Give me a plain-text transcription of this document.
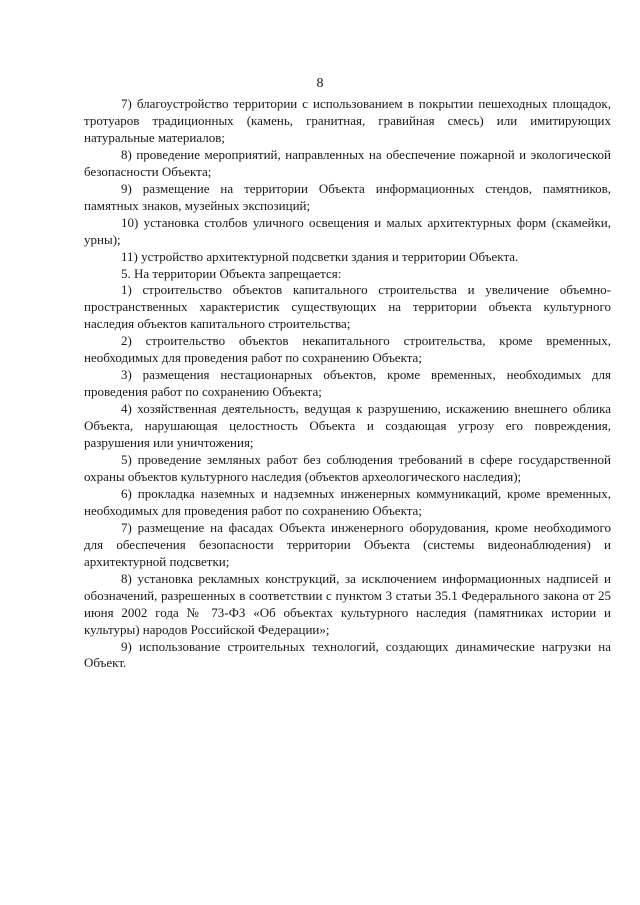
8

7) благоустройство территории с использованием в покрытии пешеходных площадок, тротуаров традиционных (камень, гранитная, гравийная смесь) или имитирующих натуральные материалов;

8) проведение мероприятий, направленных на обеспечение пожарной и экологической безопасности Объекта;

9) размещение на территории Объекта информационных стендов, памятников, памятных знаков, музейных экспозиций;

10) установка столбов уличного освещения и малых архитектурных форм (скамейки, урны);

11) устройство архитектурной подсветки здания и территории Объекта.

5. На территории Объекта запрещается:

1) строительство объектов капитального строительства и увеличение объемно-пространственных характеристик существующих на территории объекта культурного наследия объектов капитального строительства;

2) строительство объектов некапитального строительства, кроме временных, необходимых для проведения работ по сохранению Объекта;

3) размещения нестационарных объектов, кроме временных, необходимых для проведения работ по сохранению Объекта;

4) хозяйственная деятельность, ведущая к разрушению, искажению внешнего облика Объекта, нарушающая целостность Объекта и создающая угрозу его повреждения, разрушения или уничтожения;

5) проведение земляных работ без соблюдения требований в сфере государственной охраны объектов культурного наследия (объектов археологического наследия);

6) прокладка наземных и надземных инженерных коммуникаций, кроме временных, необходимых для проведения работ по сохранению Объекта;

7) размещение на фасадах Объекта инженерного оборудования, кроме необходимого для обеспечения безопасности территории Объекта (системы видеонаблюдения) и архитектурной подсветки;

8) установка рекламных конструкций, за исключением информационных надписей и обозначений, разрешенных в соответствии с пунктом 3 статьи 35.1 Федерального закона от 25 июня 2002 года № 73-ФЗ «Об объектах культурного наследия (памятниках истории и культуры) народов Российской Федерации»;

9) использование строительных технологий, создающих динамические нагрузки на Объект.
